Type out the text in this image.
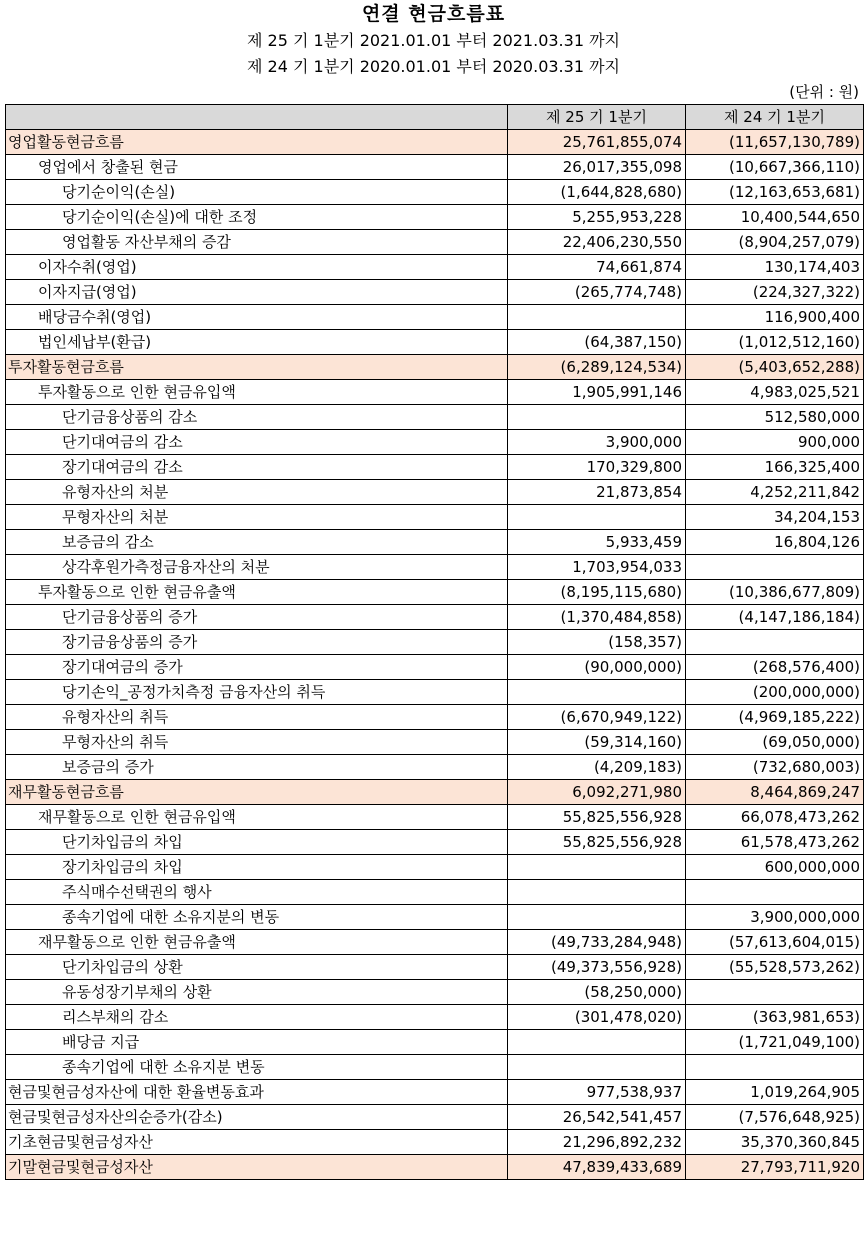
연결 현금흐름표
제 25 기 1분기 2021.01.01 부터 2021.03.31 까지
제 24 기 1분기 2020.01.01 부터 2020.03.31 까지
(단위 : 원)
	제 25 기 1분기	제 24 기 1분기
영업활동현금흐름	25,761,855,074	(11,657,130,789)
영업에서 창출된 현금	26,017,355,098	(10,667,366,110)
당기순이익(손실)	(1,644,828,680)	(12,163,653,681)
당기순이익(손실)에 대한 조정	5,255,953,228	10,400,544,650
영업활동 자산부채의 증감	22,406,230,550	(8,904,257,079)
이자수취(영업)	74,661,874	130,174,403
이자지급(영업)	(265,774,748)	(224,327,322)
배당금수취(영업)		116,900,400
법인세납부(환급)	(64,387,150)	(1,012,512,160)
투자활동현금흐름	(6,289,124,534)	(5,403,652,288)
투자활동으로 인한 현금유입액	1,905,991,146	4,983,025,521
단기금융상품의 감소		512,580,000
단기대여금의 감소	3,900,000	900,000
장기대여금의 감소	170,329,800	166,325,400
유형자산의 처분	21,873,854	4,252,211,842
무형자산의 처분		34,204,153
보증금의 감소	5,933,459	16,804,126
상각후원가측정금융자산의 처분	1,703,954,033	
투자활동으로 인한 현금유출액	(8,195,115,680)	(10,386,677,809)
단기금융상품의 증가	(1,370,484,858)	(4,147,186,184)
장기금융상품의 증가	(158,357)	
장기대여금의 증가	(90,000,000)	(268,576,400)
당기손익_공정가치측정 금융자산의 취득		(200,000,000)
유형자산의 취득	(6,670,949,122)	(4,969,185,222)
무형자산의 취득	(59,314,160)	(69,050,000)
보증금의 증가	(4,209,183)	(732,680,003)
재무활동현금흐름	6,092,271,980	8,464,869,247
재무활동으로 인한 현금유입액	55,825,556,928	66,078,473,262
단기차입금의 차입	55,825,556,928	61,578,473,262
장기차입금의 차입		600,000,000
주식매수선택권의 행사		
종속기업에 대한 소유지분의 변동		3,900,000,000
재무활동으로 인한 현금유출액	(49,733,284,948)	(57,613,604,015)
단기차입금의 상환	(49,373,556,928)	(55,528,573,262)
유동성장기부채의 상환	(58,250,000)	
리스부채의 감소	(301,478,020)	(363,981,653)
배당금 지급		(1,721,049,100)
종속기업에 대한 소유지분 변동		
현금및현금성자산에 대한 환율변동효과	977,538,937	1,019,264,905
현금및현금성자산의순증가(감소)	26,542,541,457	(7,576,648,925)
기초현금및현금성자산	21,296,892,232	35,370,360,845
기말현금및현금성자산	47,839,433,689	27,793,711,920
